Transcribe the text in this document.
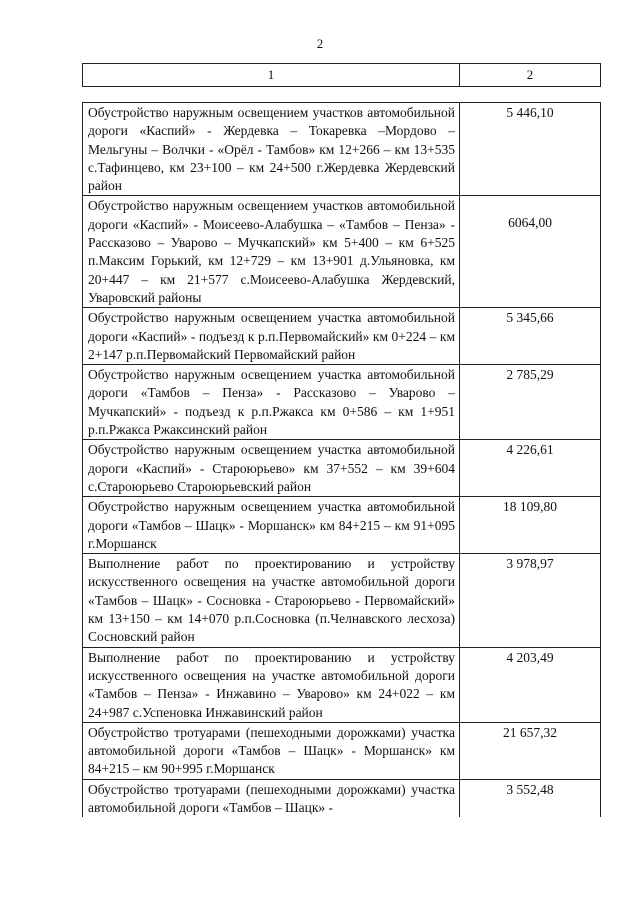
2
1	2
Обустройство наружным освещением участков автомобильной дороги «Каспий» - Жердевка – Токаревка –Мордово – Мельгуны – Волчки - «Орёл - Тамбов» км 12+266 – км 13+535 с.Тафинцево, км 23+100 – км 24+500 г.Жердевка Жердевский район	5 446,10
Обустройство наружным освещением участков автомобильной дороги «Каспий» - Моисеево-Алабушка – «Тамбов – Пенза» - Рассказово – Уварово – Мучкапский» км 5+400 – км 6+525 п.Максим Горький, км 12+729 – км 13+901 д.Ульяновка, км 20+447 – км 21+577 с.Моисеево-Алабушка Жердевский, Уваровский районы	6064,00
Обустройство наружным освещением участка автомобильной дороги «Каспий» - подъезд к р.п.Первомайский» км 0+224 – км 2+147 р.п.Первомайский Первомайский район	5 345,66
Обустройство наружным освещением участка автомобильной дороги «Тамбов – Пенза» - Рассказово – Уварово –Мучкапский» - подъезд к р.п.Ржакса км 0+586 – км 1+951 р.п.Ржакса Ржаксинский район	2 785,29
Обустройство наружным освещением участка автомобильной дороги «Каспий» - Староюрьево» км 37+552 – км 39+604 с.Староюрьево Староюрьевский район	4 226,61
Обустройство наружным освещением участка автомобильной дороги «Тамбов – Шацк» - Моршанск» км 84+215 – км 91+095 г.Моршанск	18 109,80
Выполнение работ по проектированию и устройству искусственного освещения на участке автомобильной дороги «Тамбов – Шацк» - Сосновка - Староюрьево - Первомайский» км 13+150 – км 14+070 р.п.Сосновка (п.Челнавского лесхоза) Сосновский район	3 978,97
Выполнение работ по проектированию и устройству искусственного освещения на участке автомобильной дороги «Тамбов – Пенза» - Инжавино – Уварово» км 24+022 – км 24+987 с.Успеновка Инжавинский район	4 203,49
Обустройство тротуарами (пешеходными дорожками) участка автомобильной дороги «Тамбов – Шацк» - Моршанск» км 84+215 – км 90+995 г.Моршанск	21 657,32
Обустройство тротуарами (пешеходными дорожками) участка автомобильной дороги «Тамбов – Шацк» -	3 552,48
